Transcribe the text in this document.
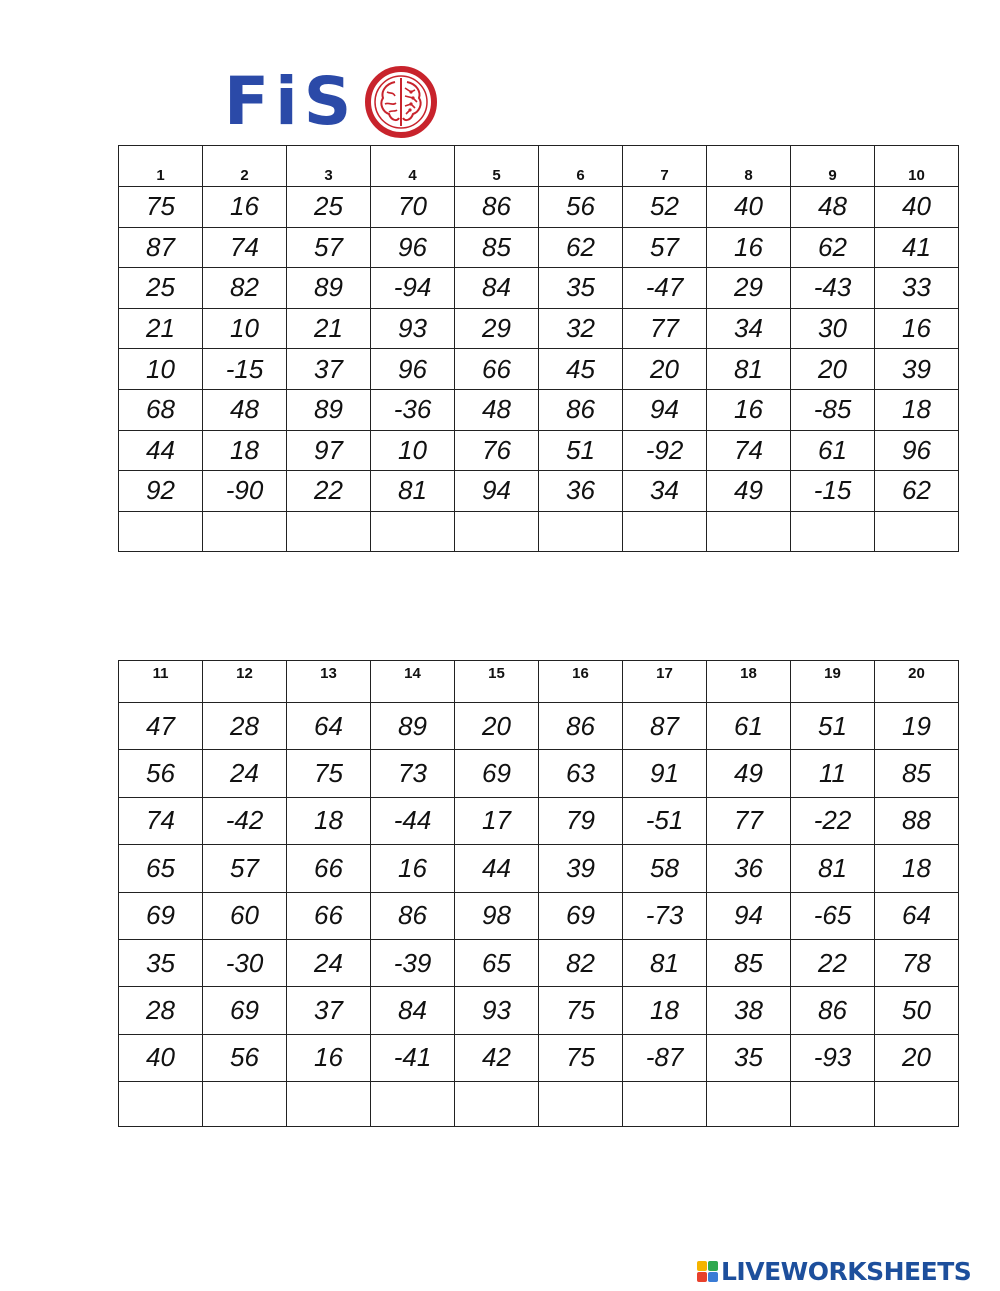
FiS
1	2	3	4	5	6	7	8	9	10
75	16	25	70	86	56	52	40	48	40
87	74	57	96	85	62	57	16	62	41
25	82	89	-94	84	35	-47	29	-43	33
21	10	21	93	29	32	77	34	30	16
10	-15	37	96	66	45	20	81	20	39
68	48	89	-36	48	86	94	16	-85	18
44	18	97	10	76	51	-92	74	61	96
92	-90	22	81	94	36	34	49	-15	62

11	12	13	14	15	16	17	18	19	20
47	28	64	89	20	86	87	61	51	19
56	24	75	73	69	63	91	49	11	85
74	-42	18	-44	17	79	-51	77	-22	88
65	57	66	16	44	39	58	36	81	18
69	60	66	86	98	69	-73	94	-65	64
35	-30	24	-39	65	82	81	85	22	78
28	69	37	84	93	75	18	38	86	50
40	56	16	-41	42	75	-87	35	-93	20

LIVEWORKSHEETS
